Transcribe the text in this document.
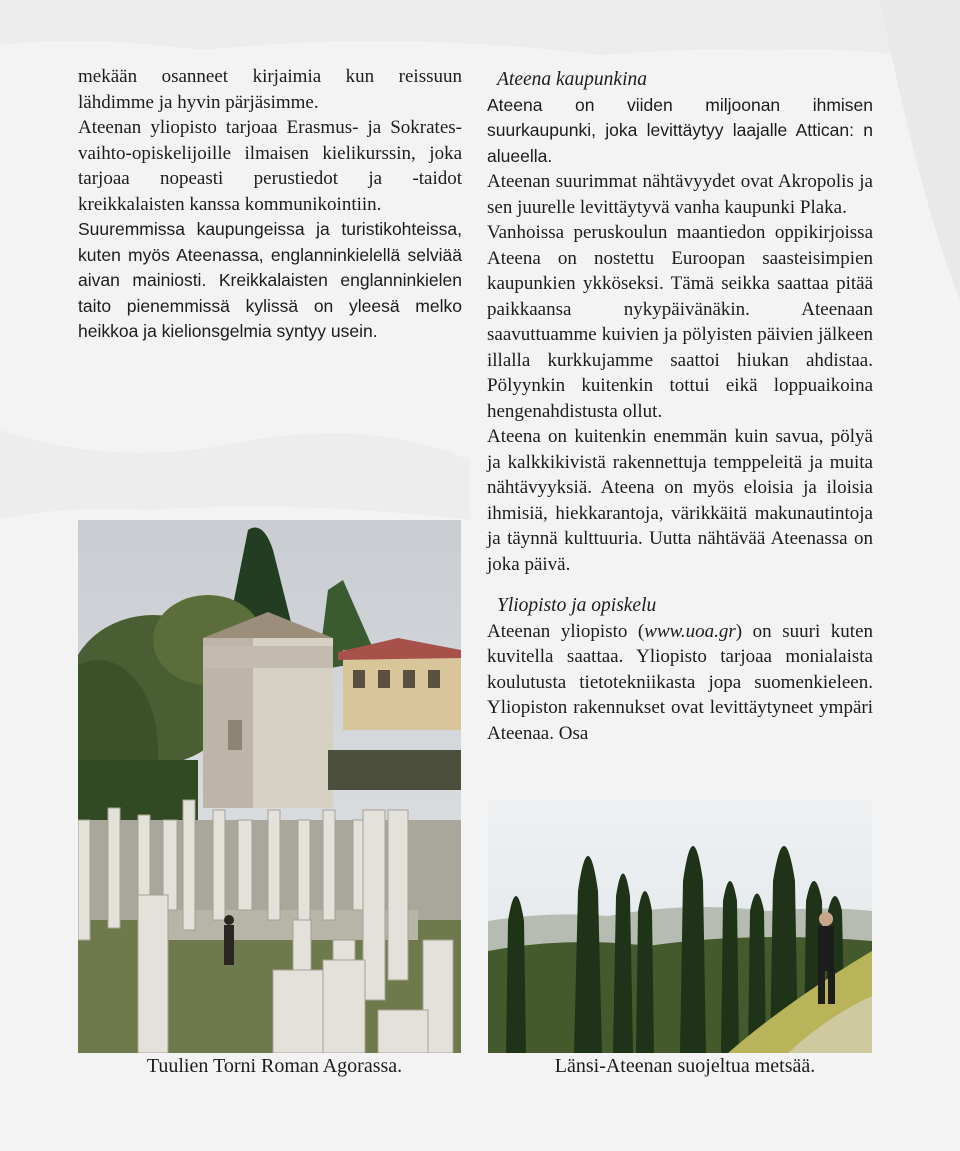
mekään osanneet kirjaimia kun reissuun lähdimme ja hyvin pärjäsimme.

Ateenan yliopisto tarjoaa Erasmus- ja Sokrates-vaihto-opiskelijoille ilmaisen kielikurssin, joka tarjoaa nopeasti perustiedot ja -taidot kreikkalaisten kanssa kommunikointiin.

Suuremmissa kaupungeissa ja turistikohteissa, kuten myös Ateenassa, englanninkielellä selviää aivan mainiosti. Kreikkalaisten englanninkielen taito pienemmissä kylissä on yleesä melko heikkoa ja kielionsgelmia syntyy usein.

Ateena kaupunkina

Ateena on viiden miljoonan ihmisen suurkaupunki, joka levittäytyy laajalle Attican: n alueella.

Ateenan suurimmat nähtävyydet ovat Akropolis ja sen juurelle levittäytyvä vanha kaupunki Plaka.

Vanhoissa peruskoulun maantiedon oppikirjoissa Ateena on nostettu Euroopan saasteisimpien kaupunkien ykköseksi. Tämä seikka saattaa pitää paikkaansa nykypäivänäkin. Ateenaan saavuttuamme kuivien ja pölyisten päivien jälkeen illalla kurkkujamme saattoi hiukan ahdistaa. Pölyynkin kuitenkin tottui eikä loppuaikoina hengenahdistusta ollut.

Ateena on kuitenkin enemmän kuin savua, pölyä ja kalkkikivistä rakennettuja temppeleitä ja muita nähtävyyksiä. Ateena on myös eloisia ja iloisia ihmisiä, hiekkarantoja, värikkäitä makunautintoja ja täynnä kulttuuria. Uutta nähtävää Ateenassa on joka päivä.

Yliopisto ja opiskelu

Ateenan yliopisto (www.uoa.gr) on suuri kuten kuvitella saattaa. Yliopisto tarjoaa monialaista koulutusta tietotekniikasta jopa suomenkieleen. Yliopiston rakennukset ovat levittäytyneet ympäri Ateenaa. Osa

Tuulien Torni Roman Agorassa.	Länsi-Ateenan suojeltua metsää.
